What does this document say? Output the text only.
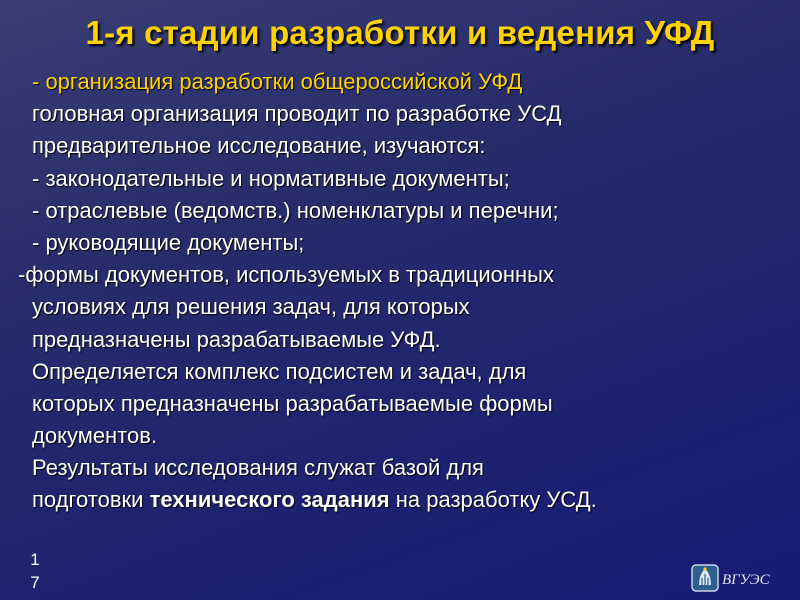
1-я стадии разработки и ведения УФД
- организация разработки общероссийской УФД
головная организация проводит по разработке УСД
предварительное исследование, изучаются:
- законодательные и нормативные документы;
- отраслевые (ведомств.) номенклатуры и перечни;
- руководящие документы;
-формы документов, используемых в традиционных
условиях для решения задач, для которых
предназначены разрабатываемые УФД.
Определяется комплекс подсистем и задач, для
которых предназначены разрабатываемые формы
документов.
Результаты исследования служат базой для
подготовки технического задания на разработку УСД.
1
7	ВГУЭС
